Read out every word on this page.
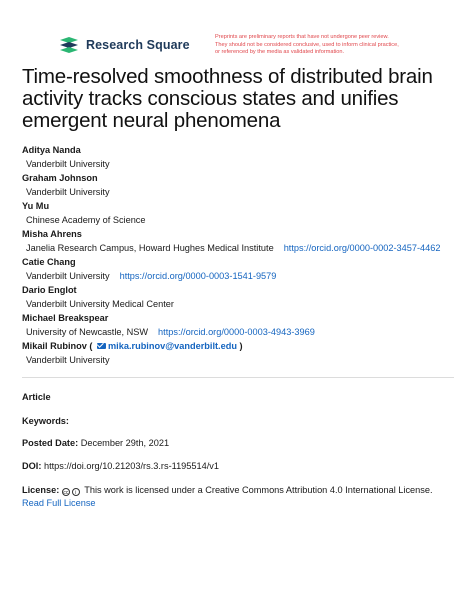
Research Square
Preprints are preliminary reports that have not undergone peer review.
They should not be considered conclusive, used to inform clinical practice,
or referenced by the media as validated information.
Time-resolved smoothness of distributed brain activity tracks conscious states and unifies emergent neural phenomena
Aditya Nanda
Vanderbilt University
Graham Johnson
Vanderbilt University
Yu Mu
Chinese Academy of Science
Misha Ahrens
Janelia Research Campus, Howard Hughes Medical Institute https://orcid.org/0000-0002-3457-4462
Catie Chang
Vanderbilt University https://orcid.org/0000-0003-1541-9579
Dario Englot
Vanderbilt University Medical Center
Michael Breakspear
University of Newcastle, NSW https://orcid.org/0000-0003-4943-3969
Mikail Rubinov ( mika.rubinov@vanderbilt.edu )
Vanderbilt University
Article
Keywords:
Posted Date: December 29th, 2021
DOI: https://doi.org/10.21203/rs.3.rs-1195514/v1
License: cc i This work is licensed under a Creative Commons Attribution 4.0 International License.
Read Full License
